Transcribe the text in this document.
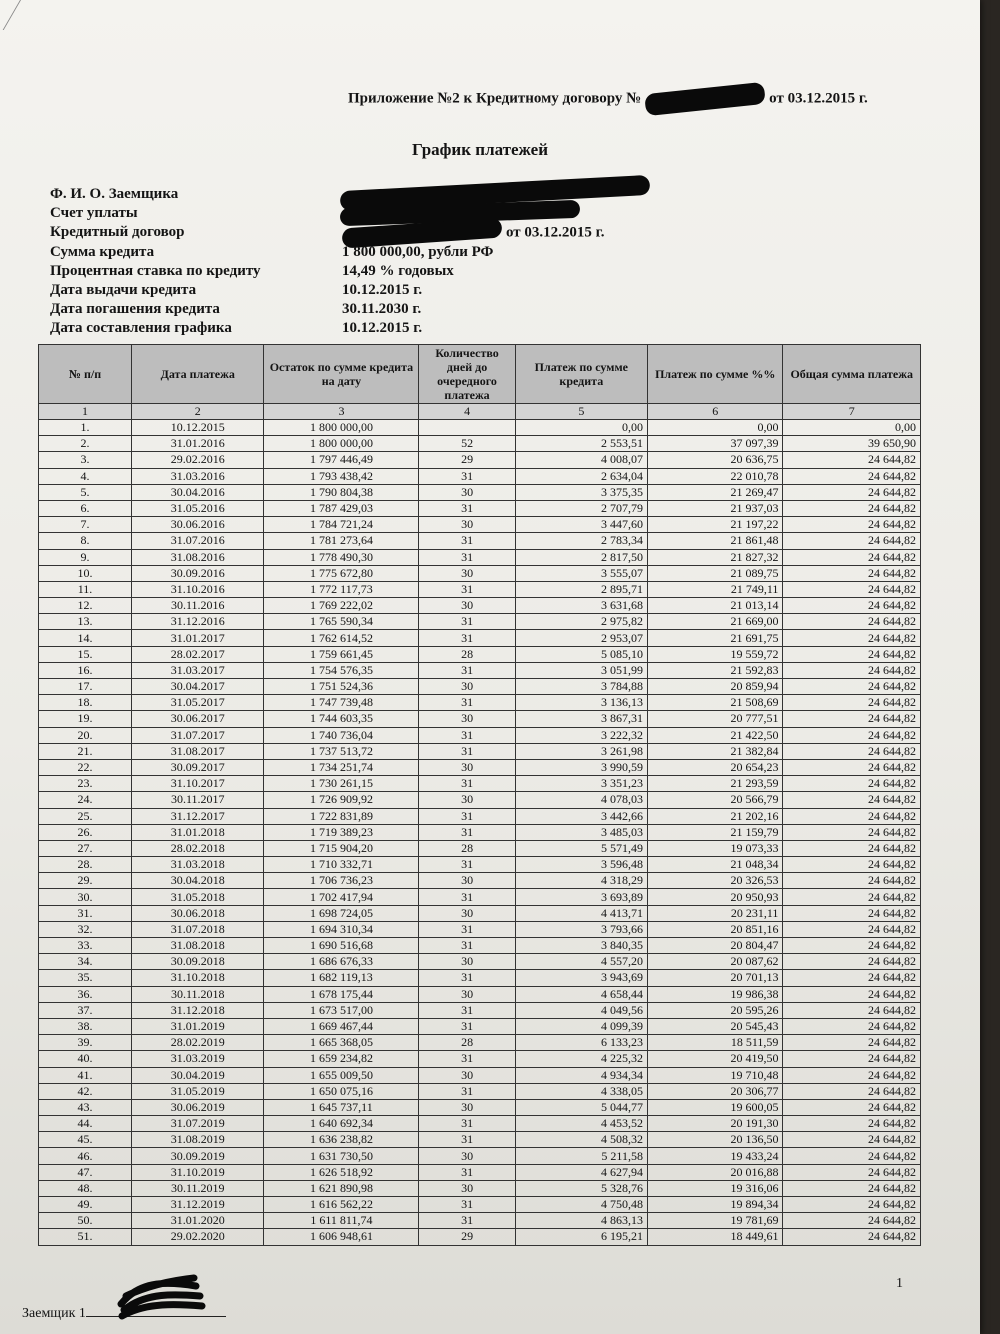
Приложение №2 к Кредитному договору №	от 03.12.2015 г.
График платежей
Ф. И. О. Заемщика
Счет уплаты
Кредитный договор	от 03.12.2015 г.
Сумма кредита	1 800 000,00, рубли РФ
Процентная ставка по кредиту	14,49 % годовых
Дата выдачи кредита	10.12.2015 г.
Дата погашения кредита	30.11.2030 г.
Дата составления графика	10.12.2015 г.
№ п/п	Дата платежа	Остаток по сумме кредита на дату	Количество дней до очередного платежа	Платеж по сумме кредита	Платеж по сумме %%	Общая сумма платежа
1	2	3	4	5	6	7
1.	10.12.2015	1 800 000,00		0,00	0,00	0,00
2.	31.01.2016	1 800 000,00	52	2 553,51	37 097,39	39 650,90
3.	29.02.2016	1 797 446,49	29	4 008,07	20 636,75	24 644,82
4.	31.03.2016	1 793 438,42	31	2 634,04	22 010,78	24 644,82
5.	30.04.2016	1 790 804,38	30	3 375,35	21 269,47	24 644,82
6.	31.05.2016	1 787 429,03	31	2 707,79	21 937,03	24 644,82
7.	30.06.2016	1 784 721,24	30	3 447,60	21 197,22	24 644,82
8.	31.07.2016	1 781 273,64	31	2 783,34	21 861,48	24 644,82
9.	31.08.2016	1 778 490,30	31	2 817,50	21 827,32	24 644,82
10.	30.09.2016	1 775 672,80	30	3 555,07	21 089,75	24 644,82
11.	31.10.2016	1 772 117,73	31	2 895,71	21 749,11	24 644,82
12.	30.11.2016	1 769 222,02	30	3 631,68	21 013,14	24 644,82
13.	31.12.2016	1 765 590,34	31	2 975,82	21 669,00	24 644,82
14.	31.01.2017	1 762 614,52	31	2 953,07	21 691,75	24 644,82
15.	28.02.2017	1 759 661,45	28	5 085,10	19 559,72	24 644,82
16.	31.03.2017	1 754 576,35	31	3 051,99	21 592,83	24 644,82
17.	30.04.2017	1 751 524,36	30	3 784,88	20 859,94	24 644,82
18.	31.05.2017	1 747 739,48	31	3 136,13	21 508,69	24 644,82
19.	30.06.2017	1 744 603,35	30	3 867,31	20 777,51	24 644,82
20.	31.07.2017	1 740 736,04	31	3 222,32	21 422,50	24 644,82
21.	31.08.2017	1 737 513,72	31	3 261,98	21 382,84	24 644,82
22.	30.09.2017	1 734 251,74	30	3 990,59	20 654,23	24 644,82
23.	31.10.2017	1 730 261,15	31	3 351,23	21 293,59	24 644,82
24.	30.11.2017	1 726 909,92	30	4 078,03	20 566,79	24 644,82
25.	31.12.2017	1 722 831,89	31	3 442,66	21 202,16	24 644,82
26.	31.01.2018	1 719 389,23	31	3 485,03	21 159,79	24 644,82
27.	28.02.2018	1 715 904,20	28	5 571,49	19 073,33	24 644,82
28.	31.03.2018	1 710 332,71	31	3 596,48	21 048,34	24 644,82
29.	30.04.2018	1 706 736,23	30	4 318,29	20 326,53	24 644,82
30.	31.05.2018	1 702 417,94	31	3 693,89	20 950,93	24 644,82
31.	30.06.2018	1 698 724,05	30	4 413,71	20 231,11	24 644,82
32.	31.07.2018	1 694 310,34	31	3 793,66	20 851,16	24 644,82
33.	31.08.2018	1 690 516,68	31	3 840,35	20 804,47	24 644,82
34.	30.09.2018	1 686 676,33	30	4 557,20	20 087,62	24 644,82
35.	31.10.2018	1 682 119,13	31	3 943,69	20 701,13	24 644,82
36.	30.11.2018	1 678 175,44	30	4 658,44	19 986,38	24 644,82
37.	31.12.2018	1 673 517,00	31	4 049,56	20 595,26	24 644,82
38.	31.01.2019	1 669 467,44	31	4 099,39	20 545,43	24 644,82
39.	28.02.2019	1 665 368,05	28	6 133,23	18 511,59	24 644,82
40.	31.03.2019	1 659 234,82	31	4 225,32	20 419,50	24 644,82
41.	30.04.2019	1 655 009,50	30	4 934,34	19 710,48	24 644,82
42.	31.05.2019	1 650 075,16	31	4 338,05	20 306,77	24 644,82
43.	30.06.2019	1 645 737,11	30	5 044,77	19 600,05	24 644,82
44.	31.07.2019	1 640 692,34	31	4 453,52	20 191,30	24 644,82
45.	31.08.2019	1 636 238,82	31	4 508,32	20 136,50	24 644,82
46.	30.09.2019	1 631 730,50	30	5 211,58	19 433,24	24 644,82
47.	31.10.2019	1 626 518,92	31	4 627,94	20 016,88	24 644,82
48.	30.11.2019	1 621 890,98	30	5 328,76	19 316,06	24 644,82
49.	31.12.2019	1 616 562,22	31	4 750,48	19 894,34	24 644,82
50.	31.01.2020	1 611 811,74	31	4 863,13	19 781,69	24 644,82
51.	29.02.2020	1 606 948,61	29	6 195,21	18 449,61	24 644,82
1
Заемщик 1
